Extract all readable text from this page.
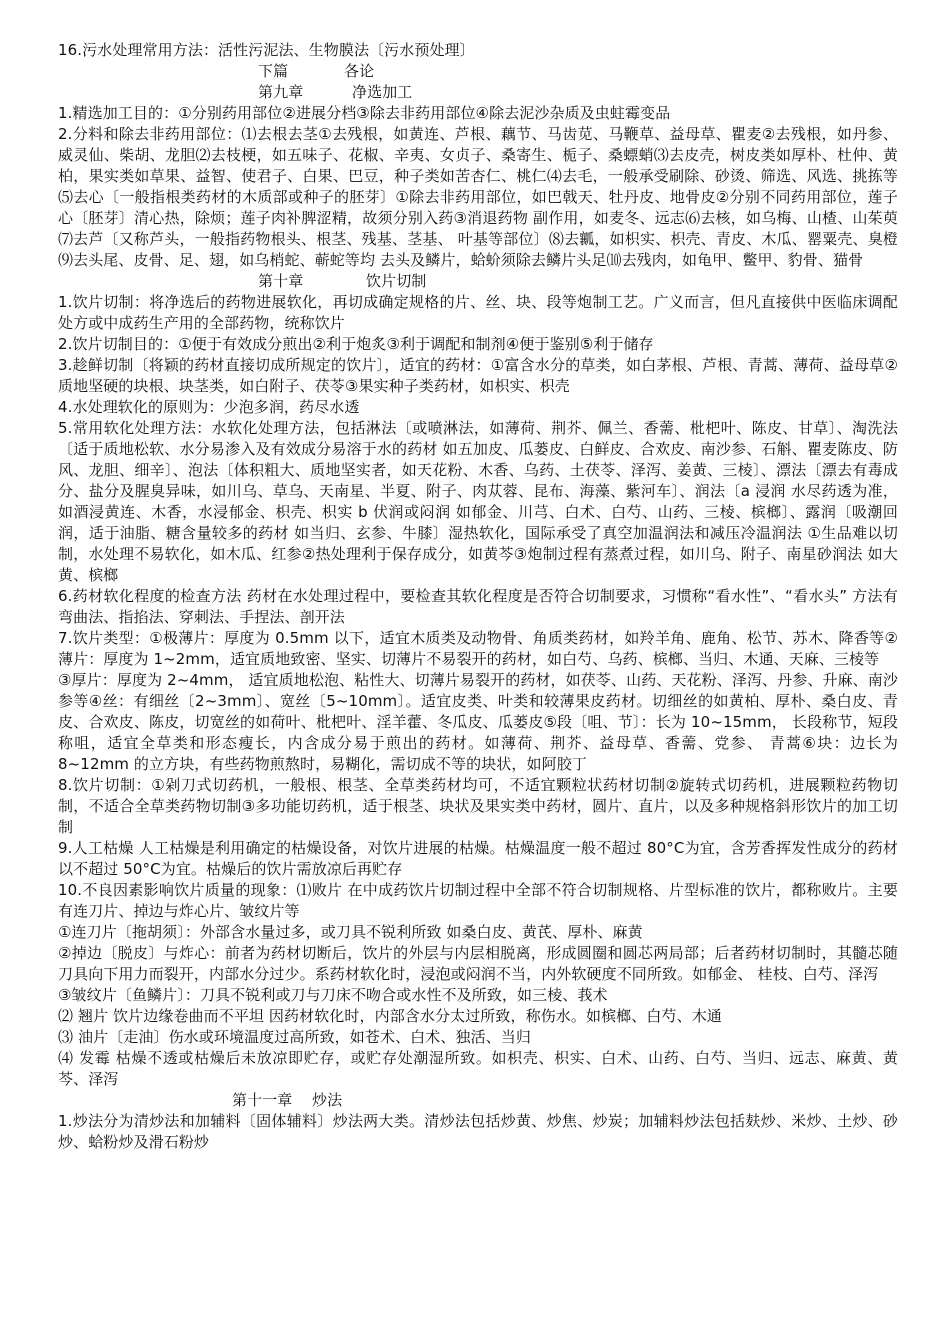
16.污水处理常用方法：活性污泥法、生物膜法〔污水预处理〕

下篇	各论
第九章	净选加工

1.精选加工目的：①分别药用部位②进展分档③除去非药用部位④除去泥沙杂质及虫蛀霉变品

2.分料和除去非药用部位：⑴去根去茎①去残根，如黄连、芦根、藕节、马齿苋、马鞭草、益母草、瞿麦②去残根，如丹参、威灵仙、柴胡、龙胆⑵去枝梗，如五味子、花椒、辛夷、女贞子、桑寄生、栀子、桑螵蛸⑶去皮壳，树皮类如厚朴、杜仲、黄柏，果实类如草果、益智、使君子、白果、巴豆，种子类如苦杏仁、桃仁⑷去毛，一般承受刷除、砂烫、筛选、风选、挑拣等⑸去心〔一般指根类药材的木质部或种子的胚芽〕①除去非药用部位，如巴戟天、牡丹皮、地骨皮②分别不同药用部位，莲子心〔胚芽〕清心热，除烦；莲子肉补脾涩精，故须分别入药③消退药物 副作用，如麦冬、远志⑹去核，如乌梅、山楂、山茱萸⑺去芦〔又称芦头，一般指药物根头、根茎、残基、茎基、 叶基等部位〕⑻去瓤，如枳实、枳壳、青皮、木瓜、罂粟壳、臭橙⑼去头尾、皮骨、足、翅，如乌梢蛇、蕲蛇等均 去头及鳞片，蛤蚧须除去鳞片头足⑽去残肉，如龟甲、鳖甲、豹骨、猫骨

第十章	饮片切制

1.饮片切制：将净选后的药物进展软化，再切成确定规格的片、丝、块、段等炮制工艺。广义而言，但凡直接供中医临床调配处方或中成药生产用的全部药物，统称饮片

2.饮片切制目的：①便于有效成分煎出②利于炮炙③利于调配和制剂④便于鉴别⑤利于储存

3.趁鲜切制〔将颖的药材直接切成所规定的饮片〕，适宜的药材：①富含水分的草类，如白茅根、芦根、青蒿、薄荷、益母草②质地坚硬的块根、块茎类，如白附子、茯苓③果实种子类药材，如枳实、枳壳

4.水处理软化的原则为：少泡多润，药尽水透

5.常用软化处理方法：水软化处理方法，包括淋法〔或喷淋法，如薄荷、荆芥、佩兰、香薷、枇杷叶、陈皮、甘草〕、淘洗法〔适于质地松软、水分易渗入及有效成分易溶于水的药材 如五加皮、瓜蒌皮、白鲜皮、合欢皮、南沙参、石斛、瞿麦陈皮、防风、龙胆、细辛〕、泡法〔体积粗大、质地坚实者，如天花粉、木香、乌药、土茯苓、泽泻、姜黄、三棱〕、漂法〔漂去有毒成分、盐分及腥臭异味，如川乌、草乌、天南星、半夏、附子、肉苁蓉、昆布、海藻、紫河车〕、润法〔a 浸润 水尽药透为准，如酒浸黄连、木香，水浸郁金、枳壳、枳实 b 伏润或闷润 如郁金、川芎、白术、白芍、山药、三棱、槟榔〕、露润〔吸潮回润，适于油脂、糖含量较多的药材 如当归、玄参、牛膝〕湿热软化，国际承受了真空加温润法和减压冷温润法 ①生品难以切制，水处理不易软化，如木瓜、红参②热处理利于保存成分，如黄芩③炮制过程有蒸煮过程，如川乌、附子、南星砂润法 如大黄、槟榔

6.药材软化程度的检查方法 药材在水处理过程中，要检查其软化程度是否符合切制要求，习惯称“看水性”、“看水头” 方法有弯曲法、指掐法、穿刺法、手捏法、剖开法

7.饮片类型：①极薄片：厚度为 0.5mm 以下，适宜木质类及动物骨、角质类药材，如羚羊角、鹿角、松节、苏木、降香等②薄片：厚度为 1~2mm，适宜质地致密、坚实、切薄片不易裂开的药材，如白芍、乌药、槟榔、当归、木通、天麻、三棱等

③厚片：厚度为 2~4mm， 适宜质地松泡、粘性大、切薄片易裂开的药材，如茯苓、山药、天花粉、泽泻、丹参、升麻、南沙参等④丝：有细丝〔2~3mm〕、宽丝〔5~10mm〕。适宜皮类、叶类和较薄果皮药材。切细丝的如黄柏、厚朴、桑白皮、青皮、合欢皮、陈皮，切宽丝的如荷叶、枇杷叶、淫羊藿、冬瓜皮、瓜蒌皮⑤段〔咀、节〕：长为 10~15mm， 长段称节，短段称咀，适宜全草类和形态瘦长，内含成分易于煎出的药材。如薄荷、荆芥、益母草、香薷、党参、 青蒿⑥块：边长为 8~12mm 的立方块，有些药物煎熬时，易糊化，需切成不等的块状，如阿胶丁

8.饮片切制：①剁刀式切药机，一般根、根茎、全草类药材均可，不适宜颗粒状药材切制②旋转式切药机，进展颗粒药物切制，不适合全草类药物切制③多功能切药机，适于根茎、块状及果实类中药材，圆片、直片，以及多种规格斜形饮片的加工切制

9.人工枯燥 人工枯燥是利用确定的枯燥设备，对饮片进展的枯燥。枯燥温度一般不超过 80°C为宜，含芳香挥发性成分的药材以不超过 50°C为宜。枯燥后的饮片需放凉后再贮存

10.不良因素影响饮片质量的现象：⑴败片 在中成药饮片切制过程中全部不符合切制规格、片型标准的饮片，都称败片。主要有连刀片、掉边与炸心片、皱纹片等

①连刀片〔拖胡须〕：外部含水量过多，或刀具不锐利所致 如桑白皮、黄芪、厚朴、麻黄

②掉边〔脱皮〕与炸心：前者为药材切断后，饮片的外层与内层相脱离，形成圆圈和圆芯两局部；后者药材切制时，其髓芯随刀具向下用力而裂开，内部水分过少。系药材软化时，浸泡或闷润不当，内外软硬度不同所致。如郁金、 桂枝、白芍、泽泻

③皱纹片〔鱼鳞片〕：刀具不锐利或刀与刀床不吻合或水性不及所致，如三棱、莪术

⑵ 翘片 饮片边缘卷曲而不平坦 因药材软化时，内部含水分太过所致，称伤水。如槟榔、白芍、木通

⑶ 油片〔走油〕伤水或环境温度过高所致，如苍术、白术、独活、当归

⑷ 发霉 枯燥不透或枯燥后未放凉即贮存，或贮存处潮湿所致。如枳壳、枳实、白术、山药、白芍、当归、远志、麻黄、黄芩、泽泻

第十一章 炒法

1.炒法分为清炒法和加辅料〔固体辅料〕炒法两大类。清炒法包括炒黄、炒焦、炒炭；加辅料炒法包括麸炒、米炒、土炒、砂炒、蛤粉炒及滑石粉炒
